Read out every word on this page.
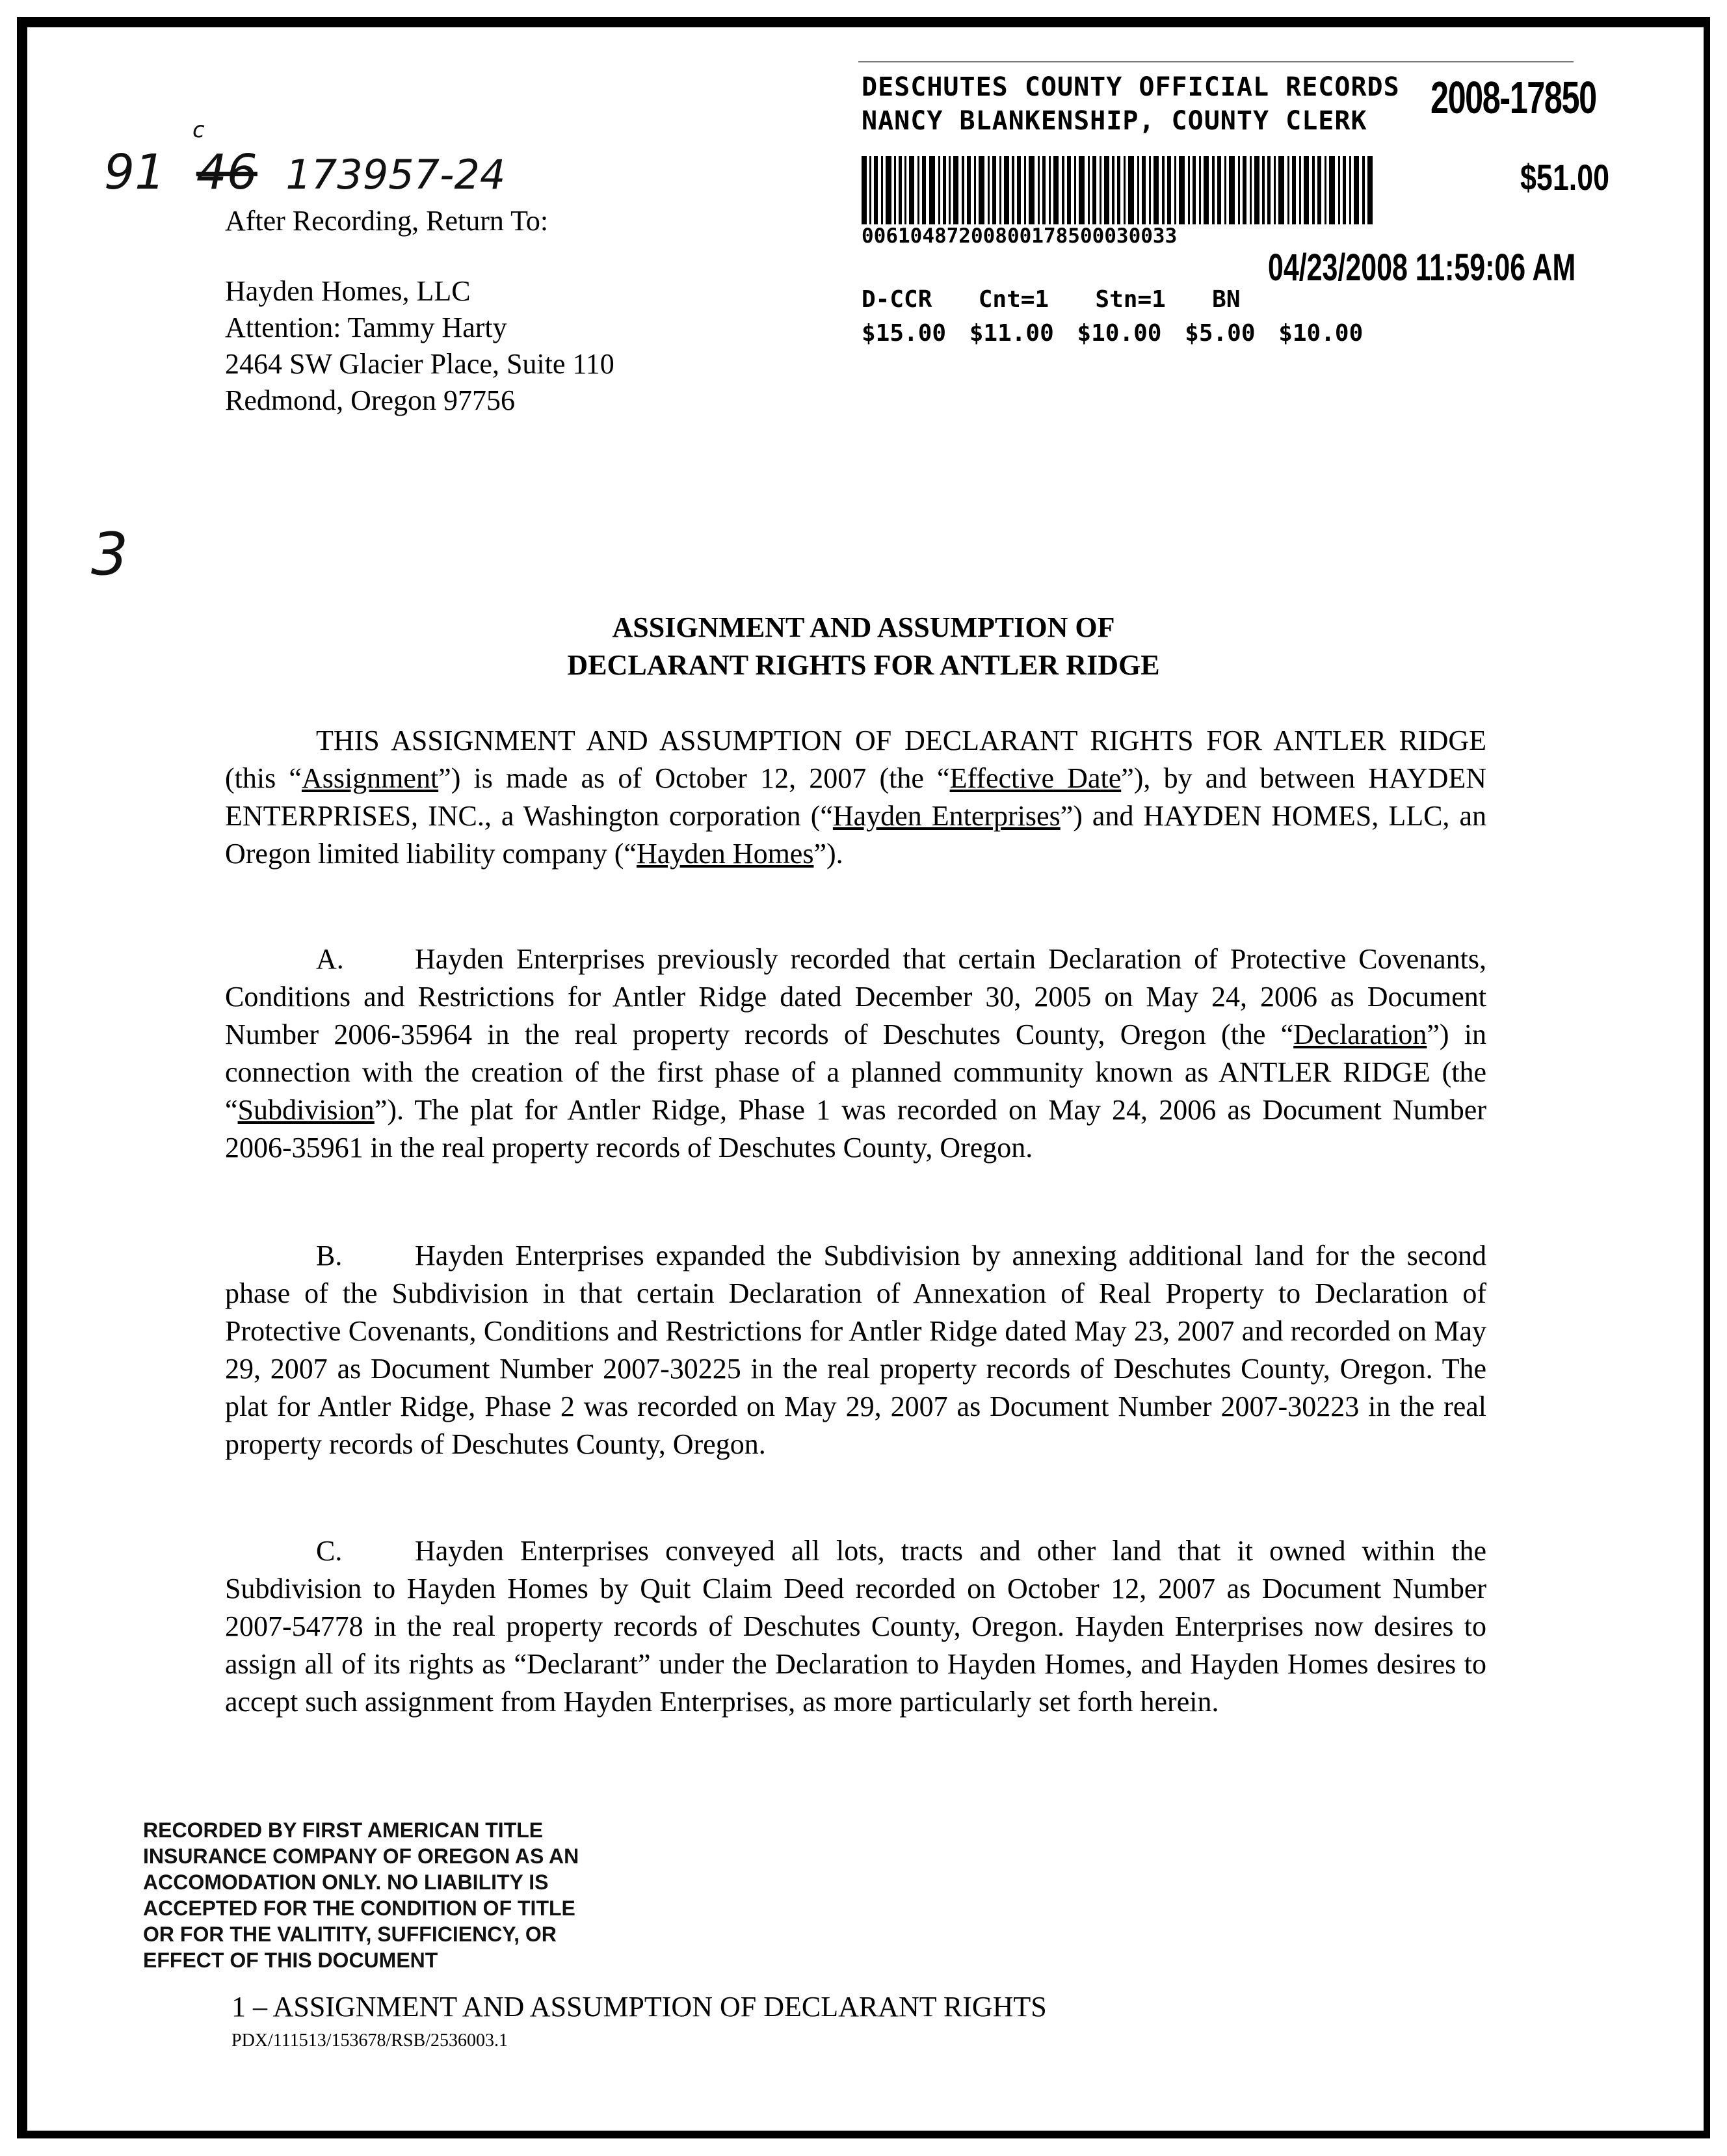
91 46 173957-24
c
3
DESCHUTES COUNTY OFFICIAL RECORDS
NANCY BLANKENSHIP, COUNTY CLERK	2008-17850
$51.00
00610487200800178500030033
04/23/2008 11:59:06 AM
D-CCR  Cnt=1  Stn=1  BN
$15.00 $11.00 $10.00 $5.00 $10.00
After Recording, Return To:
Hayden Homes, LLC
Attention: Tammy Harty
2464 SW Glacier Place, Suite 110
Redmond, Oregon 97756
ASSIGNMENT AND ASSUMPTION OF
DECLARANT RIGHTS FOR ANTLER RIDGE
THIS ASSIGNMENT AND ASSUMPTION OF DECLARANT RIGHTS FOR ANTLER RIDGE (this “Assignment”) is made as of October 12, 2007 (the “Effective Date”), by and between HAYDEN ENTERPRISES, INC., a Washington corporation (“Hayden Enterprises”) and HAYDEN HOMES, LLC, an Oregon limited liability company (“Hayden Homes”).
A. Hayden Enterprises previously recorded that certain Declaration of Protective Covenants, Conditions and Restrictions for Antler Ridge dated December 30, 2005 on May 24, 2006 as Document Number 2006-35964 in the real property records of Deschutes County, Oregon (the “Declaration”) in connection with the creation of the first phase of a planned community known as ANTLER RIDGE (the “Subdivision”). The plat for Antler Ridge, Phase 1 was recorded on May 24, 2006 as Document Number 2006-35961 in the real property records of Deschutes County, Oregon.
B.	Hayden Enterprises expanded the Subdivision by annexing additional land for the second phase of the Subdivision in that certain Declaration of Annexation of Real Property to Declaration of Protective Covenants, Conditions and Restrictions for Antler Ridge dated May 23, 2007 and recorded on May 29, 2007 as Document Number 2007-30225 in the real property records of Deschutes County, Oregon. The plat for Antler Ridge, Phase 2 was recorded on May 29, 2007 as Document Number 2007-30223 in the real property records of Deschutes County, Oregon.
C.	Hayden Enterprises conveyed all lots, tracts and other land that it owned within the Subdivision to Hayden Homes by Quit Claim Deed recorded on October 12, 2007 as Document Number 2007-54778 in the real property records of Deschutes County, Oregon. Hayden Enterprises now desires to assign all of its rights as “Declarant” under the Declaration to Hayden Homes, and Hayden Homes desires to accept such assignment from Hayden Enterprises, as more particularly set forth herein.
RECORDED BY FIRST AMERICAN TITLE
INSURANCE COMPANY OF OREGON AS AN
ACCOMODATION ONLY. NO LIABILITY IS
ACCEPTED FOR THE CONDITION OF TITLE
OR FOR THE VALITITY, SUFFICIENCY, OR
EFFECT OF THIS DOCUMENT
1 – ASSIGNMENT AND ASSUMPTION OF DECLARANT RIGHTS
PDX/111513/153678/RSB/2536003.1
